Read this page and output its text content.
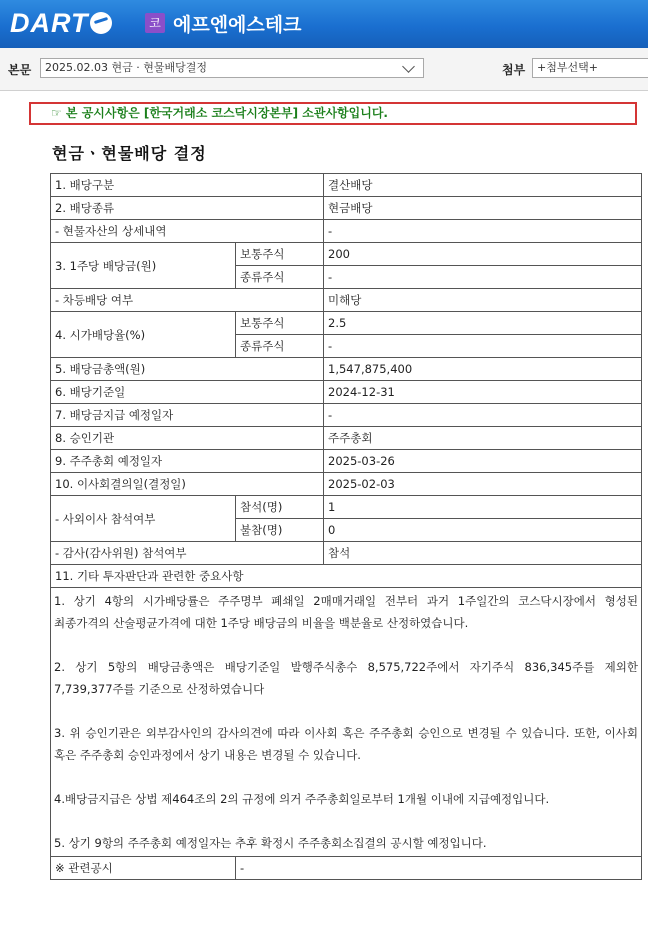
DART	코 에프엔에스테크
본문	2025.02.03 현금 · 현물배당결정	첨부	+첨부선택+
☞ 본 공시사항은 [한국거래소 코스닥시장본부] 소관사항입니다.
현금ㆍ현물배당 결정
1. 배당구분		결산배당
2. 배당종류		현금배당
- 현물자산의 상세내역		-
3. 1주당 배당금(원)	보통주식	200
	종류주식	-
- 차등배당 여부		미해당
4. 시가배당율(%)	보통주식	2.5
	종류주식	-
5. 배당금총액(원)		1,547,875,400
6. 배당기준일		2024-12-31
7. 배당금지급 예정일자		-
8. 승인기관		주주총회
9. 주주총회 예정일자		2025-03-26
10. 이사회결의일(결정일)		2025-02-03
- 사외이사 참석여부	참석(명)	1
	불참(명)	0
- 감사(감사위원) 참석여부		참석
11. 기타 투자판단과 관련한 중요사항		

1. 상기 4항의 시가배당률은 주주명부 폐쇄일 2매매거래일 전부터 과거 1주일간의 코스닥시장에서 형성된 최종가격의 산술평균가격에 대한 1주당 배당금의 비율을 백분율로 산정하였습니다.

2. 상기 5항의 배당금총액은 배당기준일 발행주식총수 8,575,722주에서 자기주식 836,345주를 제외한 7,739,377주를 기준으로 산정하였습니다

3. 위 승인기관은 외부감사인의 감사의견에 따라 이사회 혹은 주주총회 승인으로 변경될 수 있습니다. 또한, 이사회 혹은 주주총회 승인과정에서 상기 내용은 변경될 수 있습니다.

4.배당금지급은 상법 제464조의 2의 규정에 의거 주주총회일로부터 1개월 이내에 지급예정입니다.

5. 상기 9항의 주주총회 예정일자는 추후 확정시 주주총회소집결의 공시할 예정입니다.		

※ 관련공시	-	
